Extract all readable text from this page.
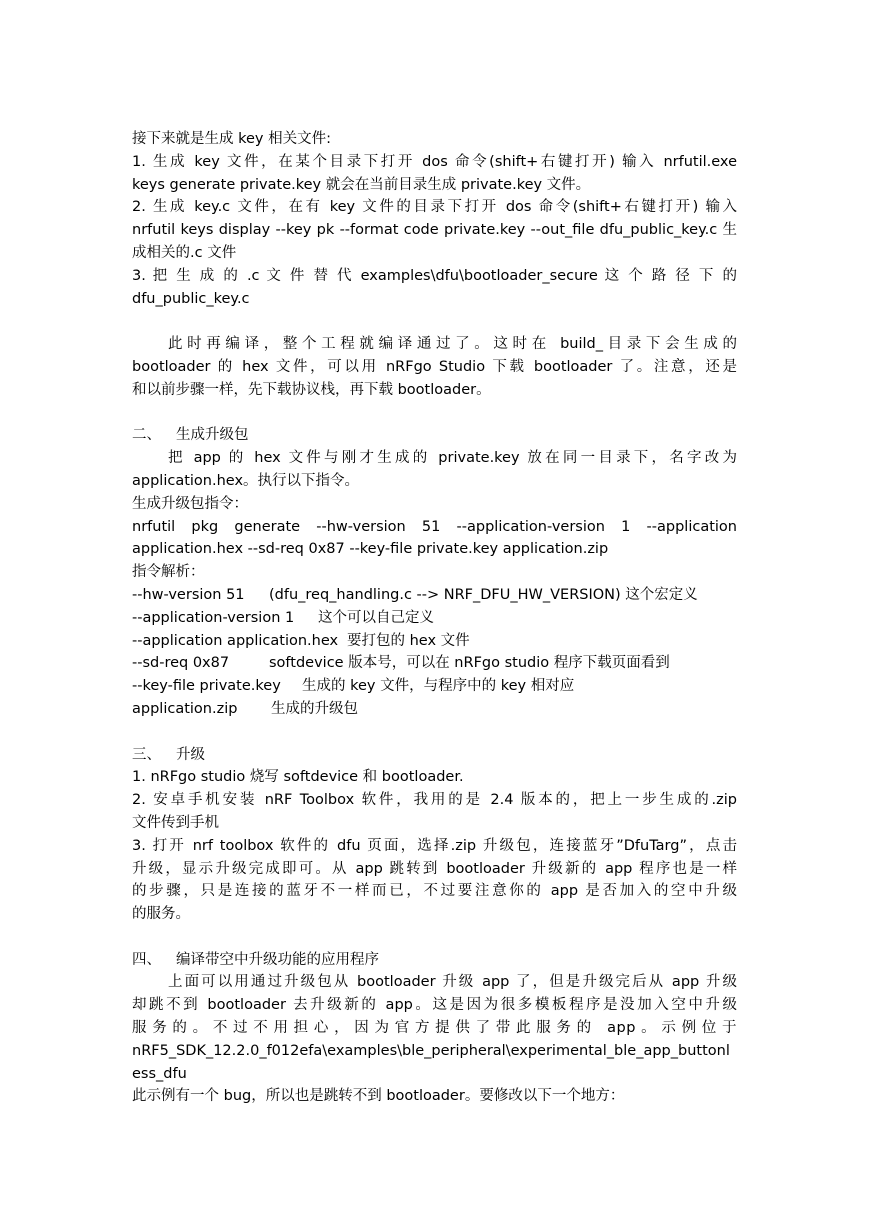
接下来就是生成 key 相关文件:
1. 生成 key 文件，在某个目录下打开 dos 命令(shift+右键打开) 输入 nrfutil.exe
keys generate private.key 就会在当前目录生成 private.key 文件。
2. 生成 key.c 文件，在有 key 文件的目录下打开 dos 命令(shift+右键打开) 输入
nrfutil keys display --key pk --format code private.key --out_file dfu_public_key.c 生
成相关的.c 文件
3. 把 生 成 的 .c 文 件 替 代 examples\dfu\bootloader_secure 这 个 路 径 下 的
dfu_public_key.c
此时再编译，整个工程就编译通过了。这时在 build_目录下会生成的
bootloader 的 hex 文件，可以用 nRFgo Studio 下载 bootloader 了。注意，还是
和以前步骤一样，先下载协议栈，再下载 bootloader。
二、 生成升级包
把 app 的 hex 文件与刚才生成的 private.key 放在同一目录下，名字改为
application.hex。执行以下指令。
生成升级包指令：
nrfutil pkg generate --hw-version 51 --application-version 1 --application
application.hex --sd-req 0x87 --key-file private.key application.zip
指令解析：
--hw-version 51 (dfu_req_handling.c --> NRF_DFU_HW_VERSION) 这个宏定义
--application-version 1 这个可以自己定义
--application application.hex 要打包的 hex 文件
--sd-req 0x87	softdevice 版本号，可以在 nRFgo studio 程序下载页面看到
--key-file private.key 生成的 key 文件，与程序中的 key 相对应
application.zip 生成的升级包
三、 升级
1. nRFgo studio 烧写 softdevice 和 bootloader.
2. 安卓手机安装 nRF Toolbox 软件，我用的是 2.4 版本的，把上一步生成的.zip
文件传到手机
3. 打开 nrf toolbox 软件的 dfu 页面，选择.zip 升级包，连接蓝牙”DfuTarg”，点击
升级，显示升级完成即可。从 app 跳转到 bootloader 升级新的 app 程序也是一样
的步骤，只是连接的蓝牙不一样而已，不过要注意你的 app 是否加入的空中升级
的服务。
四、 编译带空中升级功能的应用程序
上面可以用通过升级包从 bootloader 升级 app 了，但是升级完后从 app 升级
却跳不到 bootloader 去升级新的 app。这是因为很多模板程序是没加入空中升级
服务的。不过不用担心，因为官方提供了带此服务的 app。示例位于
nRF5_SDK_12.2.0_f012efa\examples\ble_peripheral\experimental_ble_app_buttonl
ess_dfu
此示例有一个 bug，所以也是跳转不到 bootloader。要修改以下一个地方：
